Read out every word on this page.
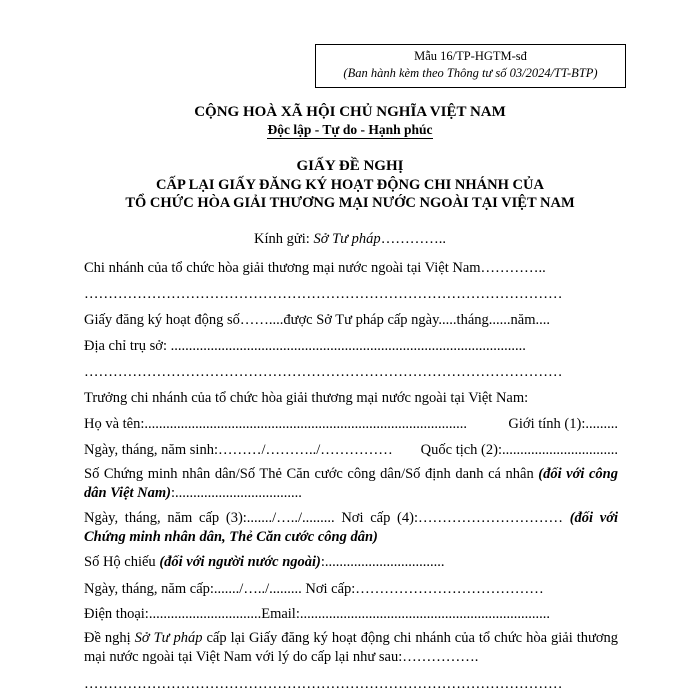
Mẫu 16/TP-HGTM-sđ
(Ban hành kèm theo Thông tư số 03/2024/TT-BTP)
CỘNG HOÀ XÃ HỘI CHỦ NGHĨA VIỆT NAM
Độc lập - Tự do - Hạnh phúc
GIẤY ĐỀ NGHỊ
CẤP LẠI GIẤY ĐĂNG KÝ HOẠT ĐỘNG CHI NHÁNH CỦA
TỔ CHỨC HÒA GIẢI THƯƠNG MẠI NƯỚC NGOÀI TẠI VIỆT NAM
Kính gửi: Sở Tư pháp…………..
Chi nhánh của tổ chức hòa giải thương mại nước ngoài tại Việt Nam…………..
………………………………………………………………………………………
Giấy đăng ký hoạt động số……....được Sở Tư pháp cấp ngày.....tháng......năm....
Địa chỉ trụ sở: ..................................................................................................
………………………………………………………………………………………
Trưởng chi nhánh của tổ chức hòa giải thương mại nước ngoài tại Việt Nam:
Họ và tên:.........................................................................................	Giới tính (1):.........
Ngày, tháng, năm sinh:………/………../…………… Quốc tịch (2):................................
Số Chứng minh nhân dân/Số Thẻ Căn cước công dân/Số định danh cá nhân (đối với công dân Việt Nam):...................................
Ngày, tháng, năm cấp (3):......./…../......... Nơi cấp (4):………………………… (đối với Chứng minh nhân dân, Thẻ Căn cước công dân)
Số Hộ chiếu (đối với người nước ngoài):.................................
Ngày, tháng, năm cấp:......./…../......... Nơi cấp:…………………………………
Điện thoại:...............................Email:.....................................................................
Đề nghị Sở Tư pháp cấp lại Giấy đăng ký hoạt động chi nhánh của tổ chức hòa giải thương mại nước ngoài tại Việt Nam với lý do cấp lại như sau:…………….
………………………………………………………………………………………
